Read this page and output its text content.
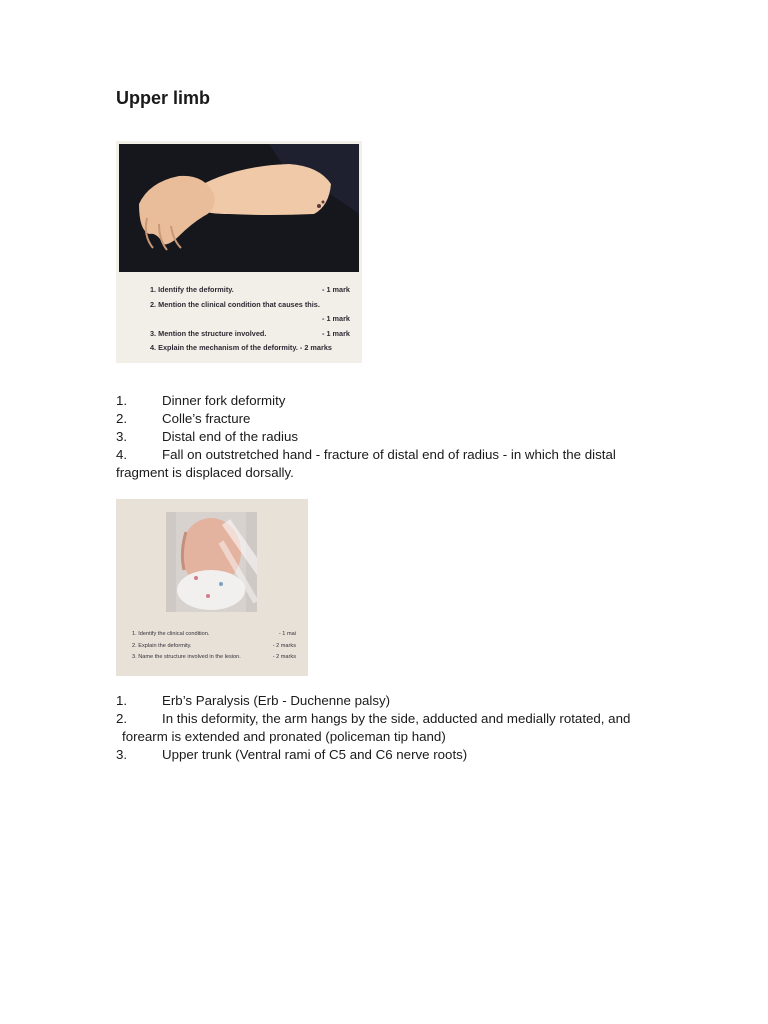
Upper limb
1. Identify the deformity.	- 1 mark
2. Mention the clinical condition that causes this.
- 1 mark
3. Mention the structure involved.	- 1 mark
4. Explain the mechanism of the deformity. - 2 marks
1.	Dinner fork deformity
2.	Colle’s fracture
3.	Distal end of the radius
4.	Fall on outstretched hand - fracture of distal end of radius - in which the distal fragment is displaced dorsally.
1. Identify the clinical condition.	- 1 mai
2. Explain the deformity.	- 2 marks
3. Name the structure involved in the lesion.	- 2 marks
1.	Erb’s Paralysis (Erb - Duchenne palsy)
2.	In this deformity, the arm hangs by the side, adducted and medially rotated, and
forearm is extended and pronated (policeman tip hand)
3.	Upper trunk (Ventral rami of C5 and C6 nerve roots)
